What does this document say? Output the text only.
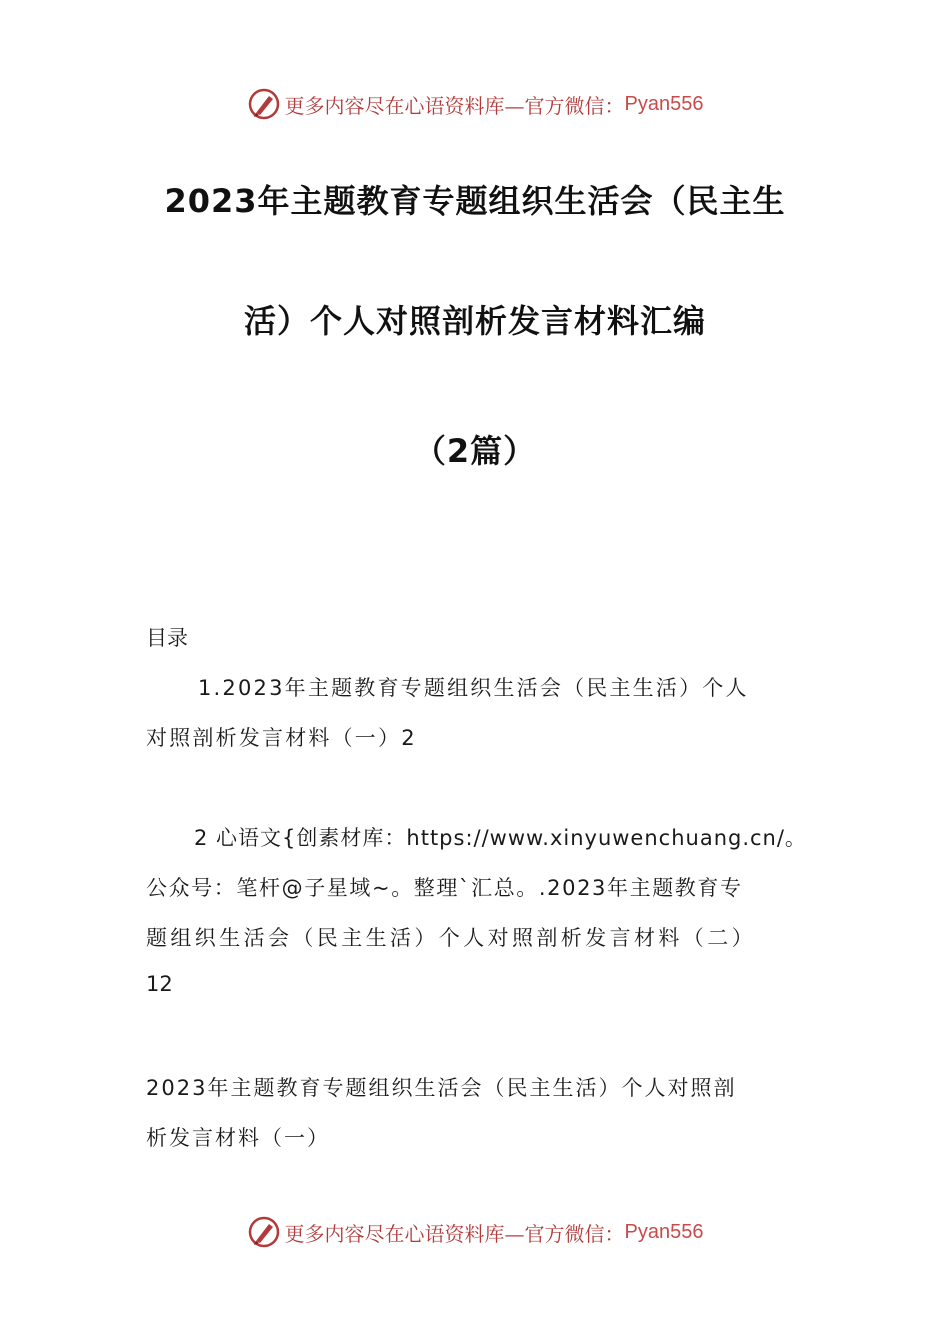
更多内容尽在心语资料库—官方微信： Pyan556
2023年主题教育专题组织生活会（民主生
活）个人对照剖析发言材料汇编
（2篇）
目录
1.2023年主题教育专题组织生活会（民主生活）个人
对照剖析发言材料（一）2
2 心语文{创素材库：https://www.xinyuwenchuang.cn/。
公众号：笔杆@子星域~。整理`汇总。.2023年主题教育专
题组织生活会（民主生活）个人对照剖析发言材料（二）
12
2023年主题教育专题组织生活会（民主生活）个人对照剖
析发言材料（一）
更多内容尽在心语资料库—官方微信： Pyan556
